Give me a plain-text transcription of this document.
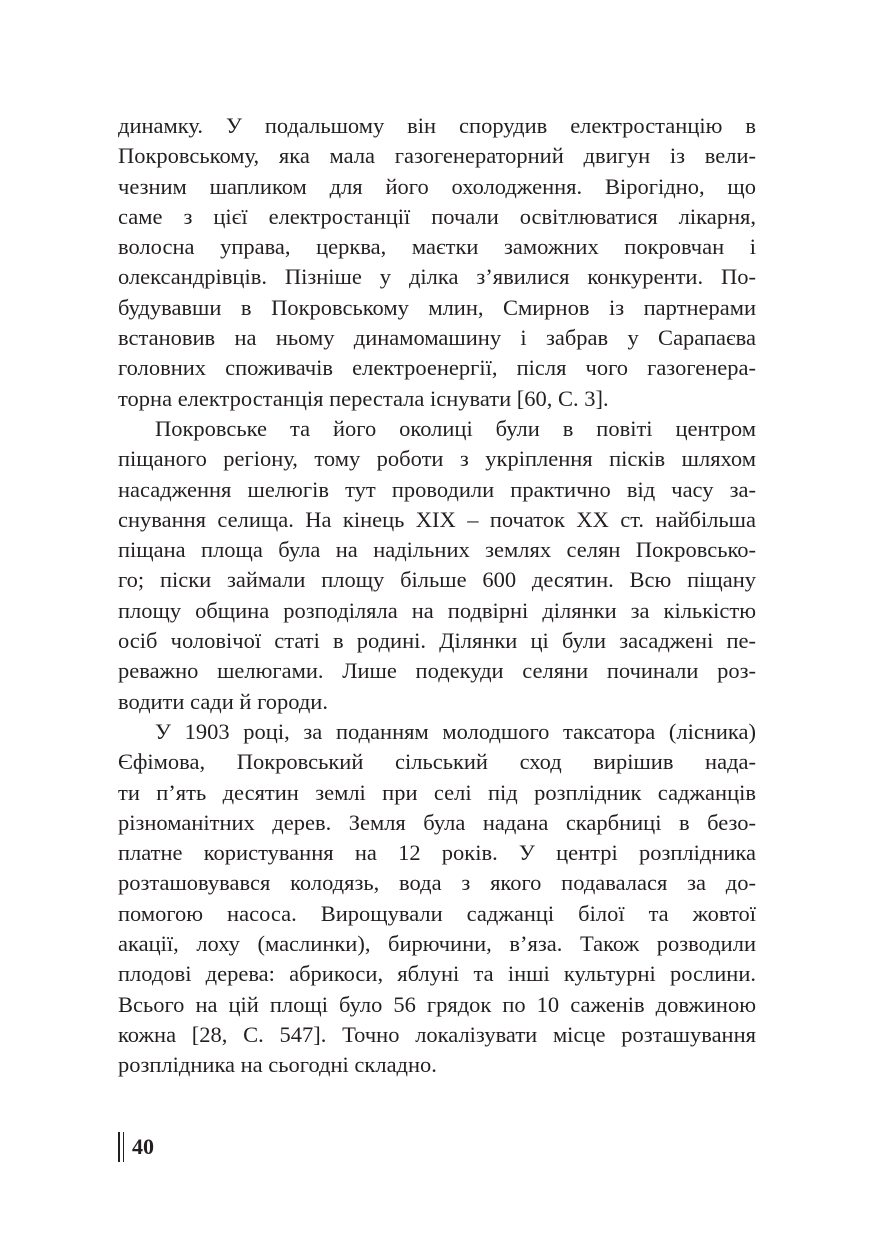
динамку. У подальшому він спорудив електростанцію в
Покровському, яка мала газогенераторний двигун із вели-
чезним шапликом для його охолодження. Вірогідно, що
саме з цієї електростанції почали освітлюватися лікарня,
волосна управа, церква, маєтки заможних покровчан і
олександрівців. Пізніше у ділка з’явилися конкуренти. По-
будувавши в Покровському млин, Смирнов із партнерами
встановив на ньому динамомашину і забрав у Сарапаєва
головних споживачів електроенергії, після чого газогенера-
торна електростанція перестала існувати [60, С. 3].
Покровське та його околиці були в повіті центром
піщаного регіону, тому роботи з укріплення пісків шляхом
насадження шелюгів тут проводили практично від часу за-
снування селища. На кінець XIX – початок XX ст. найбільша
піщана площа була на надільних землях селян Покровсько-
го; піски займали площу більше 600 десятин. Всю піщану
площу община розподіляла на подвірні ділянки за кількістю
осіб чоловічої статі в родині. Ділянки ці були засаджені пе-
реважно шелюгами. Лише подекуди селяни починали роз-
водити сади й городи.
У 1903 році, за поданням молодшого таксатора (лісника)
Єфімова, Покровський сільський сход вирішив нада-
ти п’ять десятин землі при селі під розплідник саджанців
різноманітних дерев. Земля була надана скарбниці в безо-
платне користування на 12 років. У центрі розплідника
розташовувався колодязь, вода з якого подавалася за до-
помогою насоса. Вирощували саджанці білої та жовтої
акації, лоху (маслинки), бирючини, в’яза. Також розводили
плодові дерева: абрикоси, яблуні та інші культурні рослини.
Всього на цій площі було 56 грядок по 10 саженів довжиною
кожна [28, С. 547]. Точно локалізувати місце розташування
розплідника на сьогодні складно.
40
